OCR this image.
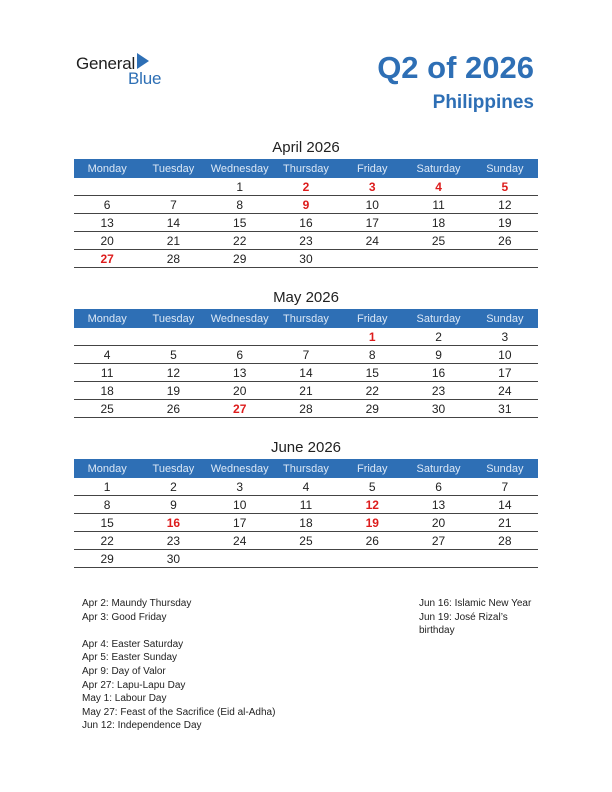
General
Blue	Q2 of 2026
Philippines
April 2026
Monday	Tuesday	Wednesday	Thursday	Friday	Saturday	Sunday
		1	2	3	4	5
6	7	8	9	10	11	12
13	14	15	16	17	18	19
20	21	22	23	24	25	26
27	28	29	30			
May 2026
Monday	Tuesday	Wednesday	Thursday	Friday	Saturday	Sunday
				1	2	3
4	5	6	7	8	9	10
11	12	13	14	15	16	17
18	19	20	21	22	23	24
25	26	27	28	29	30	31
June 2026
Monday	Tuesday	Wednesday	Thursday	Friday	Saturday	Sunday
1	2	3	4	5	6	7
8	9	10	11	12	13	14
15	16	17	18	19	20	21
22	23	24	25	26	27	28
29	30					
Apr 2: Maundy Thursday
Apr 3: Good Friday
Apr 4: Easter Saturday
Apr 5: Easter Sunday
Apr 9: Day of Valor
Apr 27: Lapu-Lapu Day
May 1: Labour Day
May 27: Feast of the Sacrifice (Eid al-Adha)
Jun 12: Independence Day
Jun 16: Islamic New Year
Jun 19: José Rizal’s
birthday
